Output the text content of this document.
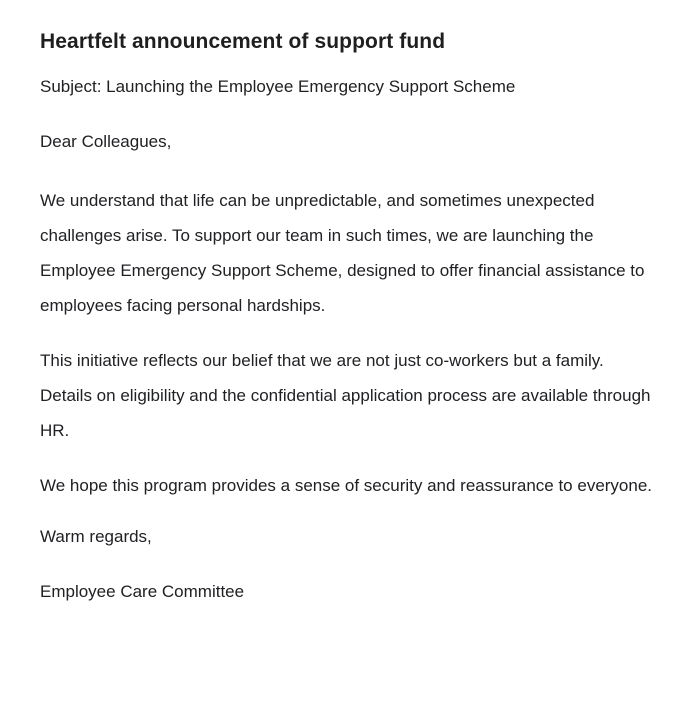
Heartfelt announcement of support fund

Subject: Launching the Employee Emergency Support Scheme

Dear Colleagues,

We understand that life can be unpredictable, and sometimes unexpected challenges arise. To support our team in such times, we are launching the Employee Emergency Support Scheme, designed to offer financial assistance to employees facing personal hardships.

This initiative reflects our belief that we are not just co-workers but a family. Details on eligibility and the confidential application process are available through HR.

We hope this program provides a sense of security and reassurance to everyone.

Warm regards,

Employee Care Committee
